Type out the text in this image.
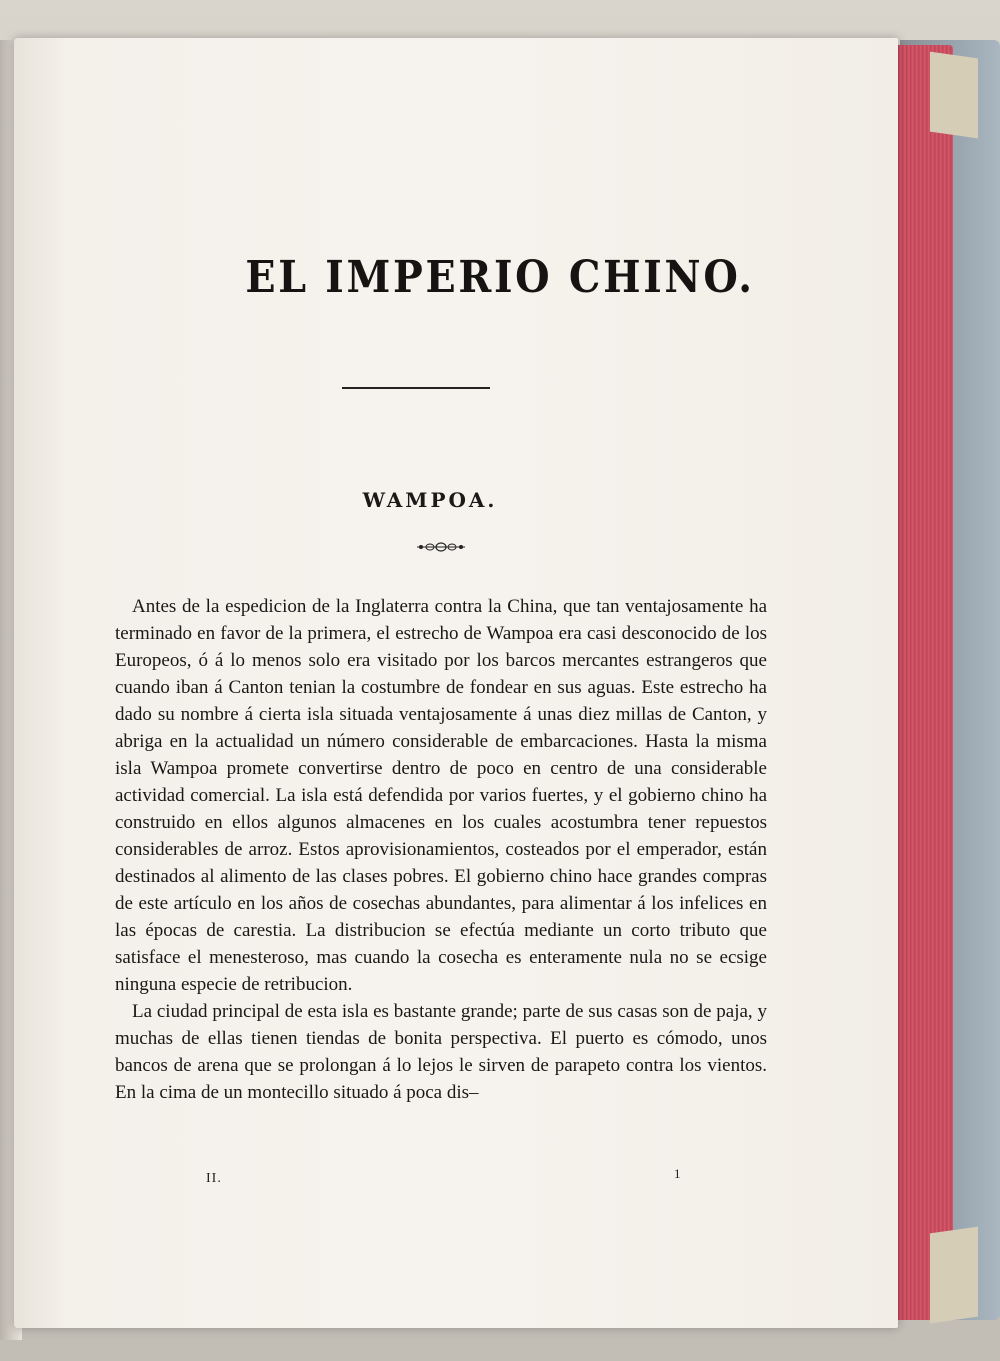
EL IMPERIO CHINO.
WAMPOA.

Antes de la espedicion de la Inglaterra contra la China, que tan ventajosamente ha terminado en favor de la primera, el estrecho de Wampoa era casi desconocido de los Europeos, ó á lo menos solo era visitado por los barcos mercantes estrangeros que cuando iban á Canton tenian la costumbre de fondear en sus aguas. Este estrecho ha dado su nombre á cierta isla situada ventajosamente á unas diez millas de Canton, y abriga en la actualidad un número considerable de embarcaciones. Hasta la misma isla Wampoa promete convertirse dentro de poco en centro de una considerable actividad comercial. La isla está defendida por varios fuertes, y el gobierno chino ha construido en ellos algunos almacenes en los cuales acostumbra tener repuestos considerables de arroz. Estos aprovisionamientos, costeados por el emperador, están destinados al alimento de las clases pobres. El gobierno chino hace grandes compras de este artículo en los años de cosechas abundantes, para alimentar á los infelices en las épocas de carestia. La distribucion se efectúa mediante un corto tributo que satisface el menesteroso, mas cuando la cosecha es enteramente nula no se ecsige ninguna especie de retribucion.

La ciudad principal de esta isla es bastante grande; parte de sus casas son de paja, y muchas de ellas tienen tiendas de bonita perspectiva. El puerto es cómodo, unos bancos de arena que se prolongan á lo lejos le sirven de parapeto contra los vientos. En la cima de un montecillo situado á poca dis–

II.	1
